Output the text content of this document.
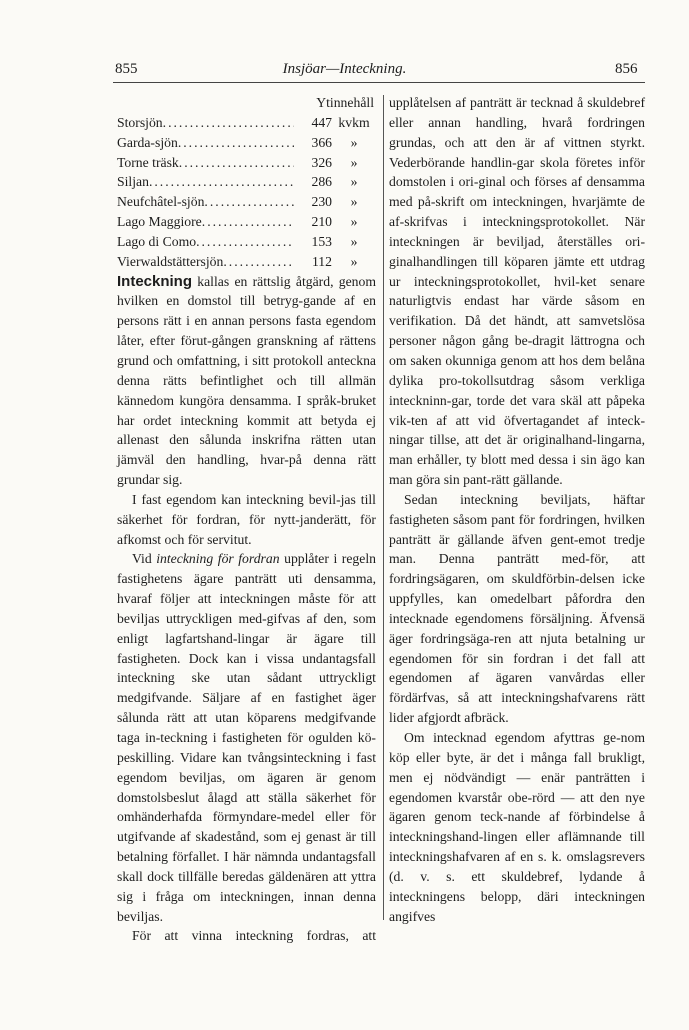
855	Insjöar—Inteckning.	856
Ytinnehåll
Storsjön .....	447 kvkm
Garda-sjön .....	366	»
Torne träsk .....	326	»
Siljan .....	286	»
Neufchâtel-sjön .....	230	»
Lago Maggiore .....	210	»
Lago di Como .....	153	»
Vierwaldstättersjön .....	112	»

Inteckning kallas en rättslig åtgärd, genom hvilken en domstol till betryg-gande af en persons rätt i en annan persons fasta egendom låter, efter förut-gången granskning af rättens grund och omfattning, i sitt protokoll anteckna denna rätts befintlighet och till allmän kännedom kungöra densamma. I språk-bruket har ordet inteckning kommit att betyda ej allenast den sålunda inskrifna rätten utan jämväl den handling, hvar-på denna rätt grundar sig.

I fast egendom kan inteckning bevil-jas till säkerhet för fordran, för nytt-janderätt, för afkomst och för servitut.

Vid inteckning för fordran upplåter i regeln fastighetens ägare panträtt uti densamma, hvaraf följer att inteckningen måste för att beviljas uttryckligen med-gifvas af den, som enligt lagfartshand-lingar är ägare till fastigheten. Dock kan i vissa undantagsfall inteckning ske utan sådant uttryckligt medgifvande. Säljare af en fastighet äger sålunda rätt att utan köparens medgifvande taga in-teckning i fastigheten för ogulden kö-peskilling. Vidare kan tvångsinteckning i fast egendom beviljas, om ägaren är genom domstolsbeslut ålagd att ställa säkerhet för omhänderhafda förmyndare-medel eller för utgifvande af skadestånd, som ej genast är till betalning förfallet. I här nämnda undantagsfall skall dock tillfälle beredas gäldenären att yttra sig i fråga om inteckningen, innan denna beviljas.

För att vinna inteckning fordras, att

upplåtelsen af panträtt är tecknad å skuldebref eller annan handling, hvarå fordringen grundas, och att den är af vittnen styrkt. Vederbörande handlin-gar skola företes inför domstolen i ori-ginal och förses af densamma med på-skrift om inteckningen, hvarjämte de af-skrifvas i inteckningsprotokollet. När inteckningen är beviljad, återställes ori-ginalhandlingen till köparen jämte ett utdrag ur inteckningsprotokollet, hvil-ket senare naturligtvis endast har värde såsom en verifikation. Då det händt, att samvetslösa personer någon gång be-dragit lättrogna och om saken okunniga genom att hos dem belåna dylika pro-tokollsutdrag såsom verkliga inteckninn-gar, torde det vara skäl att påpeka vik-ten af att vid öfvertagandet af inteck-ningar tillse, att det är originalhand-lingarna, man erhåller, ty blott med dessa i sin ägo kan man göra sin pant-rätt gällande.

Sedan inteckning beviljats, häftar fastigheten såsom pant för fordringen, hvilken panträtt är gällande äfven gent-emot tredje man. Denna panträtt med-för, att fordringsägaren, om skuldförbin-delsen icke uppfylles, kan omedelbart påfordra den intecknade egendomens försäljning. Äfvensä äger fordringsäga-ren att njuta betalning ur egendomen för sin fordran i det fall att egendomen af ägaren vanvårdas eller fördärfvas, så att inteckningshafvarens rätt lider afgjordt afbräck.

Om intecknad egendom afyttras ge-nom köp eller byte, är det i många fall brukligt, men ej nödvändigt — enär panträtten i egendomen kvarstår obe-rörd — att den nye ägaren genom teck-nande af förbindelse å inteckningshand-lingen eller aflämnande till inteckningshafvaren af en s. k. omslagsrevers (d. v. s. ett skuldebref, lydande å inteckningens belopp, däri inteckningen angifves
